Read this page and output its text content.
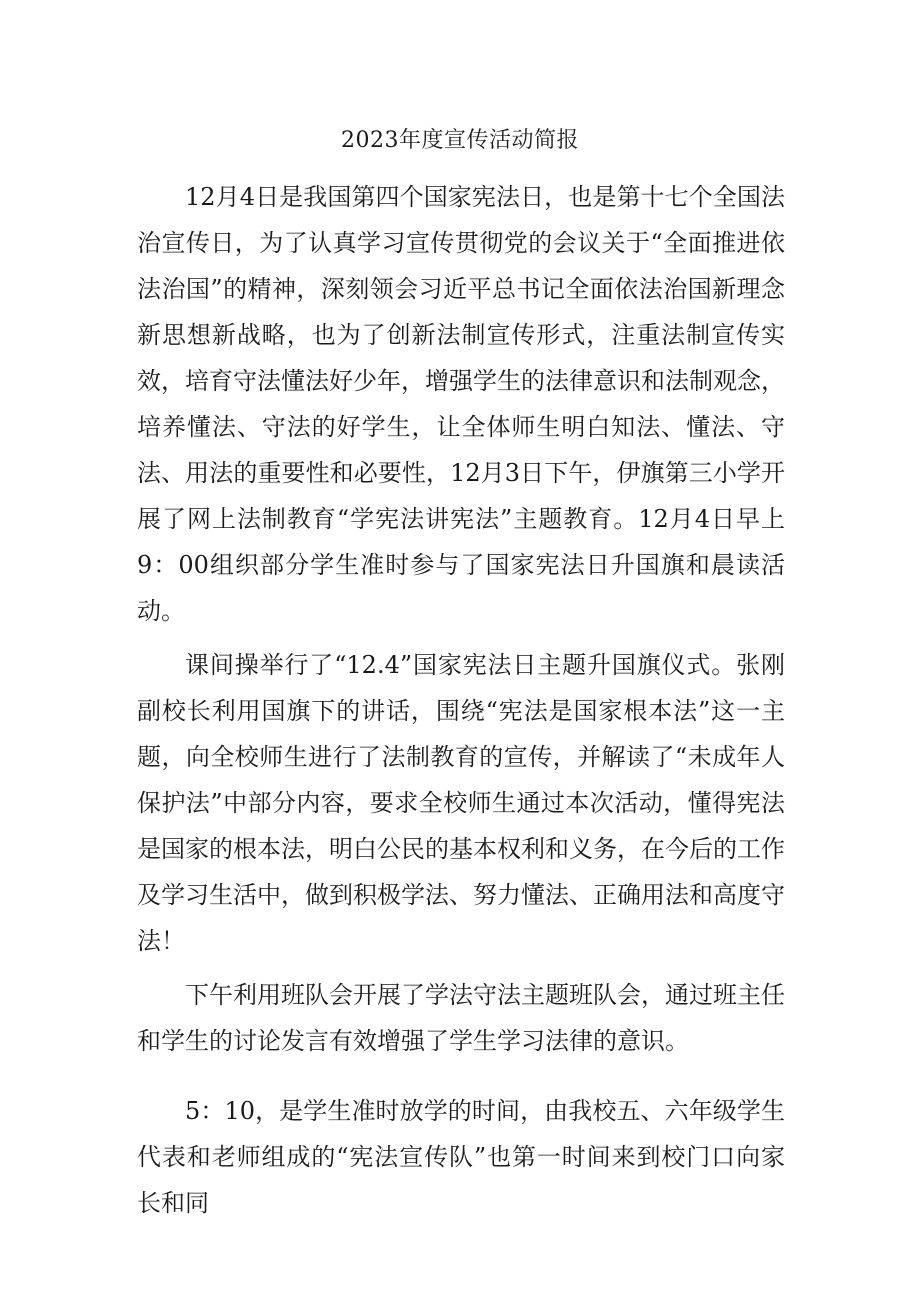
2023年度宣传活动简报

12月4日是我国第四个国家宪法日，也是第十七个全国法治宣传日，为了认真学习宣传贯彻党的会议关于“全面推进依法治国”的精神，深刻领会习近平总书记全面依法治国新理念新思想新战略，也为了创新法制宣传形式，注重法制宣传实效，培育守法懂法好少年，增强学生的法律意识和法制观念，培养懂法、守法的好学生，让全体师生明白知法、懂法、守法、用法的重要性和必要性，12月3日下午，伊旗第三小学开展了网上法制教育“学宪法讲宪法”主题教育。12月4日早上9：00组织部分学生准时参与了国家宪法日升国旗和晨读活动。

课间操举行了“12.4”国家宪法日主题升国旗仪式。张刚副校长利用国旗下的讲话，围绕“宪法是国家根本法”这一主题，向全校师生进行了法制教育的宣传，并解读了“未成年人保护法”中部分内容，要求全校师生通过本次活动，懂得宪法是国家的根本法，明白公民的基本权利和义务，在今后的工作及学习生活中，做到积极学法、努力懂法、正确用法和高度守法！

下午利用班队会开展了学法守法主题班队会，通过班主任和学生的讨论发言有效增强了学生学习法律的意识。

5：10，是学生准时放学的时间，由我校五、六年级学生代表和老师组成的“宪法宣传队”也第一时间来到校门口向家长和同
